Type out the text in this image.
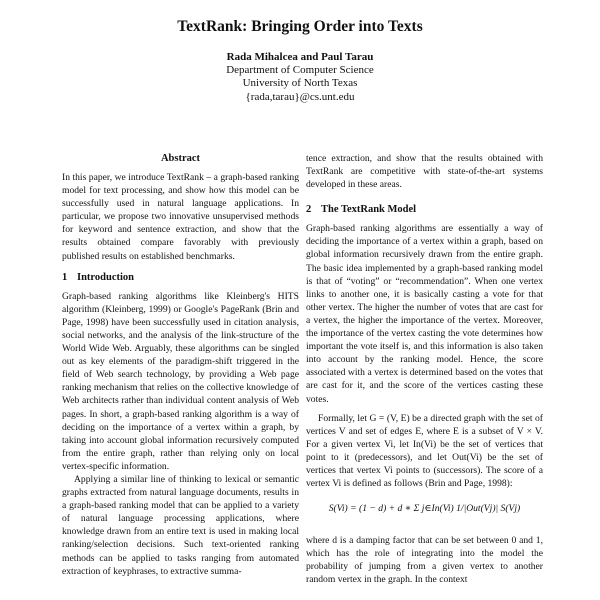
TextRank: Bringing Order into Texts
Rada Mihalcea and Paul Tarau
Department of Computer Science
University of North Texas
{rada,tarau}@cs.unt.edu
Abstract

In this paper, we introduce TextRank – a graph-based ranking model for text processing, and show how this model can be successfully used in natural language applications. In particular, we propose two innovative unsupervised methods for keyword and sentence extraction, and show that the results obtained compare favorably with previously published results on established benchmarks.

1 Introduction

Graph-based ranking algorithms like Kleinberg's HITS algorithm (Kleinberg, 1999) or Google's PageRank (Brin and Page, 1998) have been successfully used in citation analysis, social networks, and the analysis of the link-structure of the World Wide Web. Arguably, these algorithms can be singled out as key elements of the paradigm-shift triggered in the field of Web search technology, by providing a Web page ranking mechanism that relies on the collective knowledge of Web architects rather than individual content analysis of Web pages. In short, a graph-based ranking algorithm is a way of deciding on the importance of a vertex within a graph, by taking into account global information recursively computed from the entire graph, rather than relying only on local vertex-specific information.

Applying a similar line of thinking to lexical or semantic graphs extracted from natural language documents, results in a graph-based ranking model that can be applied to a variety of natural language processing applications, where knowledge drawn from an entire text is used in making local ranking/selection decisions. Such text-oriented ranking methods can be applied to tasks ranging from automated extraction of keyphrases, to extractive summa-

tence extraction, and show that the results obtained with TextRank are competitive with state-of-the-art systems developed in these areas.

2 The TextRank Model

Graph-based ranking algorithms are essentially a way of deciding the importance of a vertex within a graph, based on global information recursively drawn from the entire graph. The basic idea implemented by a graph-based ranking model is that of “voting” or “recommendation”. When one vertex links to another one, it is basically casting a vote for that other vertex. The higher the number of votes that are cast for a vertex, the higher the importance of the vertex. Moreover, the importance of the vertex casting the vote determines how important the vote itself is, and this information is also taken into account by the ranking model. Hence, the score associated with a vertex is determined based on the votes that are cast for it, and the score of the vertices casting these votes.

Formally, let G = (V, E) be a directed graph with the set of vertices V and set of edges E, where E is a subset of V × V. For a given vertex Vi, let In(Vi) be the set of vertices that point to it (predecessors), and let Out(Vi) be the set of vertices that vertex Vi points to (successors). The score of a vertex Vi is defined as follows (Brin and Page, 1998):

S(Vi) = (1 − d) + d ∗ Σ j∈In(Vi) 1/|Out(Vj)| S(Vj)

where d is a damping factor that can be set between 0 and 1, which has the role of integrating into the model the probability of jumping from a given vertex to another random vertex in the graph. In the context
